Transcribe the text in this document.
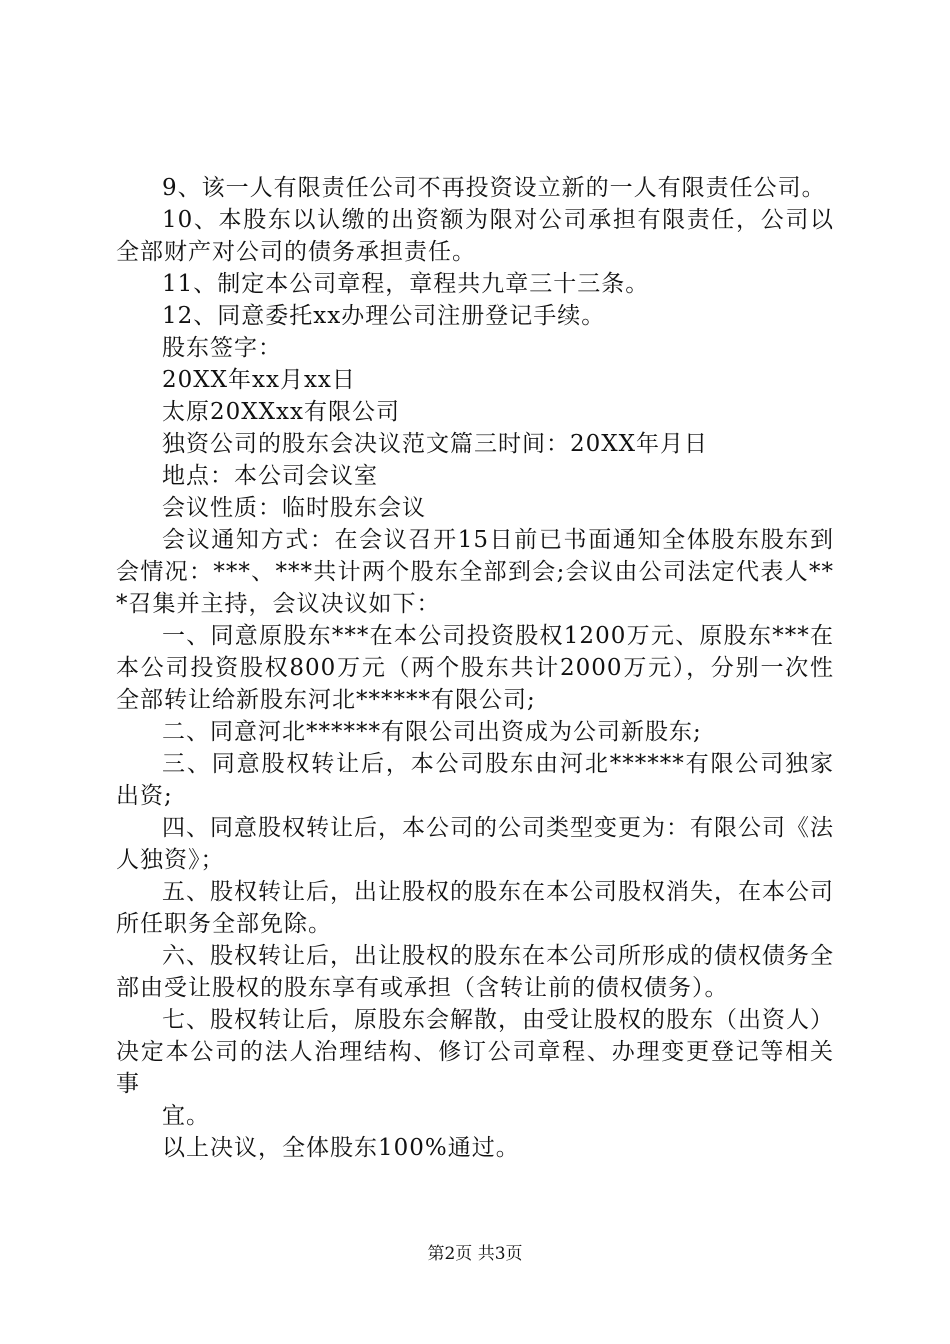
9、该一人有限责任公司不再投资设立新的一人有限责任公司。

10、本股东以认缴的出资额为限对公司承担有限责任，公司以全部财产对公司的债务承担责任。

11、制定本公司章程，章程共九章三十三条。

12、同意委托xx办理公司注册登记手续。

股东签字：

20XX年xx月xx日

太原20XXxx有限公司

独资公司的股东会决议范文篇三时间：20XX年月日

地点：本公司会议室

会议性质：临时股东会议

会议通知方式：在会议召开15日前已书面通知全体股东股东到会情况：***、***共计两个股东全部到会;会议由公司法定代表人***召集并主持，会议决议如下：

一、同意原股东***在本公司投资股权1200万元、原股东***在本公司投资股权800万元（两个股东共计2000万元），分别一次性全部转让给新股东河北******有限公司;

二、同意河北******有限公司出资成为公司新股东;

三、同意股权转让后，本公司股东由河北******有限公司独家出资;

四、同意股权转让后，本公司的公司类型变更为：有限公司《法人独资》；

五、股权转让后，出让股权的股东在本公司股权消失，在本公司所任职务全部免除。

六、股权转让后，出让股权的股东在本公司所形成的债权债务全部由受让股权的股东享有或承担（含转让前的债权债务）。

七、股权转让后，原股东会解散，由受让股权的股东（出资人）决定本公司的法人治理结构、修订公司章程、办理变更登记等相关事

宜。

以上决议，全体股东100%通过。

第2页 共3页
